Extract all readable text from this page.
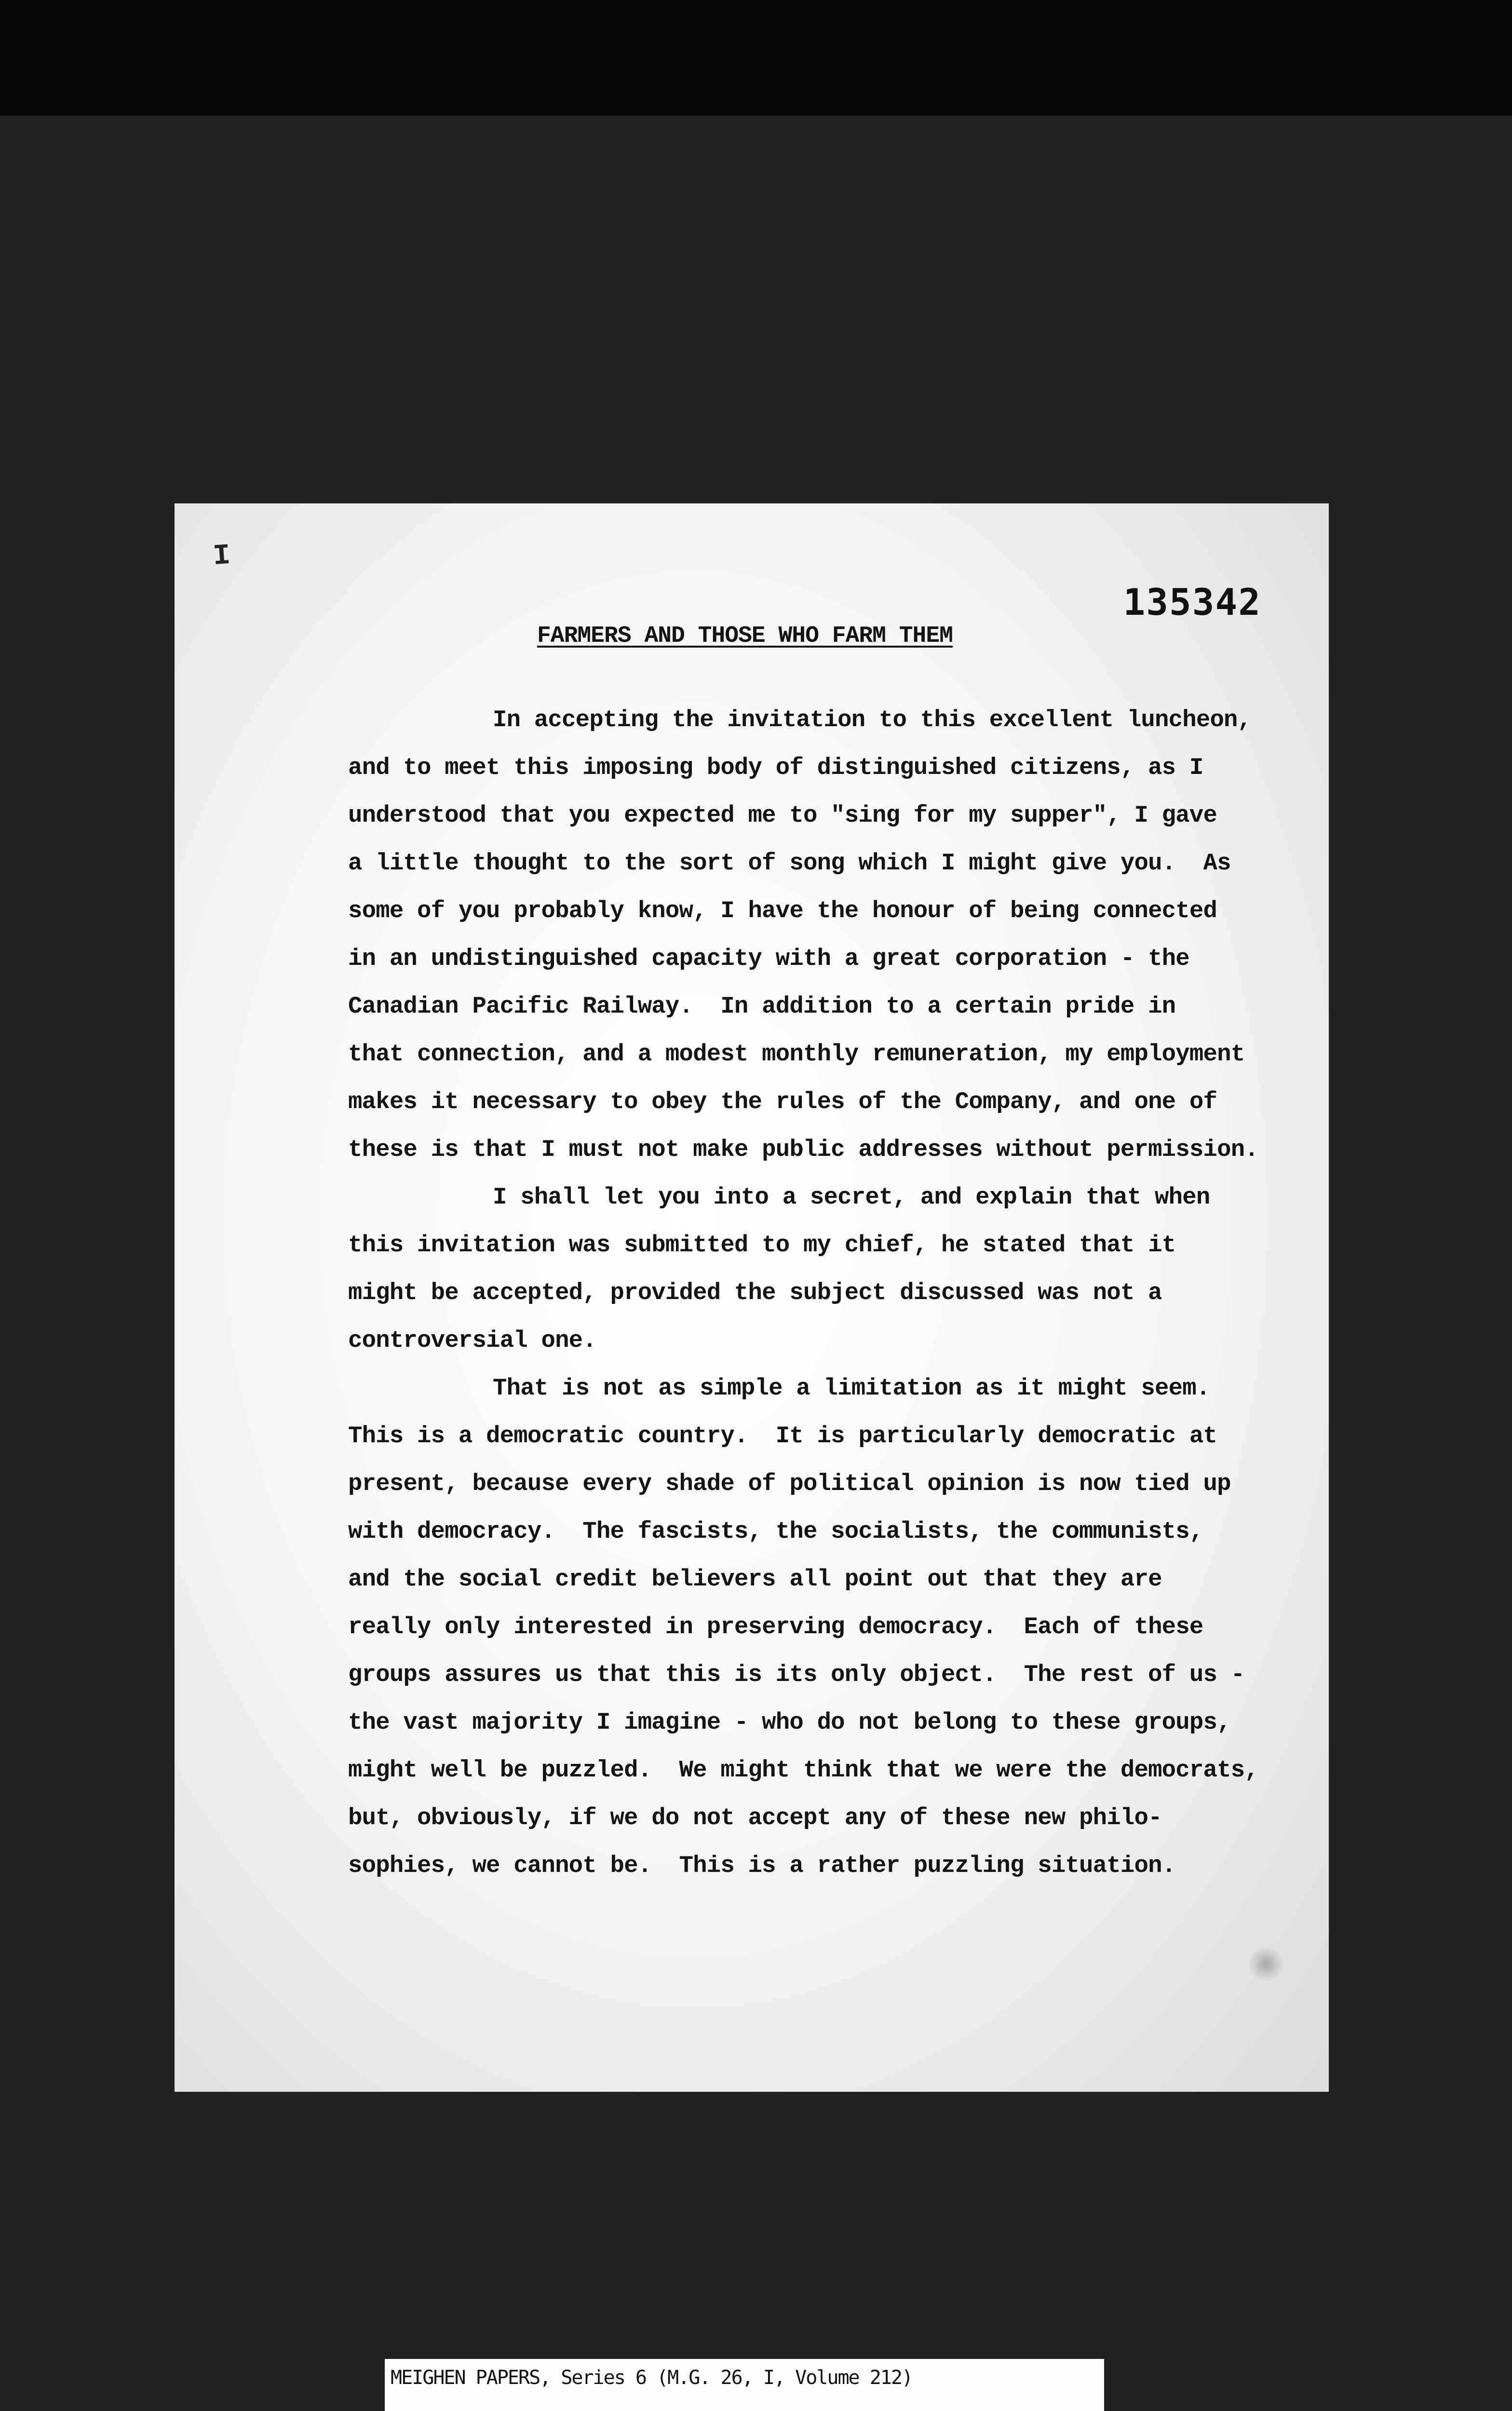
I
135342
FARMERS AND THOSE WHO FARM THEM
In accepting the invitation to this excellent luncheon,
and to meet this imposing body of distinguished citizens, as I
understood that you expected me to "sing for my supper", I gave
a little thought to the sort of song which I might give you.  As
some of you probably know, I have the honour of being connected
in an undistinguished capacity with a great corporation - the
Canadian Pacific Railway.  In addition to a certain pride in
that connection, and a modest monthly remuneration, my employment
makes it necessary to obey the rules of the Company, and one of
these is that I must not make public addresses without permission.
I shall let you into a secret, and explain that when
this invitation was submitted to my chief, he stated that it
might be accepted, provided the subject discussed was not a
controversial one.
That is not as simple a limitation as it might seem.
This is a democratic country.  It is particularly democratic at
present, because every shade of political opinion is now tied up
with democracy.  The fascists, the socialists, the communists,
and the social credit believers all point out that they are
really only interested in preserving democracy.  Each of these
groups assures us that this is its only object.  The rest of us -
the vast majority I imagine - who do not belong to these groups,
might well be puzzled.  We might think that we were the democrats,
but, obviously, if we do not accept any of these new philo-
sophies, we cannot be.  This is a rather puzzling situation.
MEIGHEN PAPERS, Series 6 (M.G. 26, I, Volume 212)
